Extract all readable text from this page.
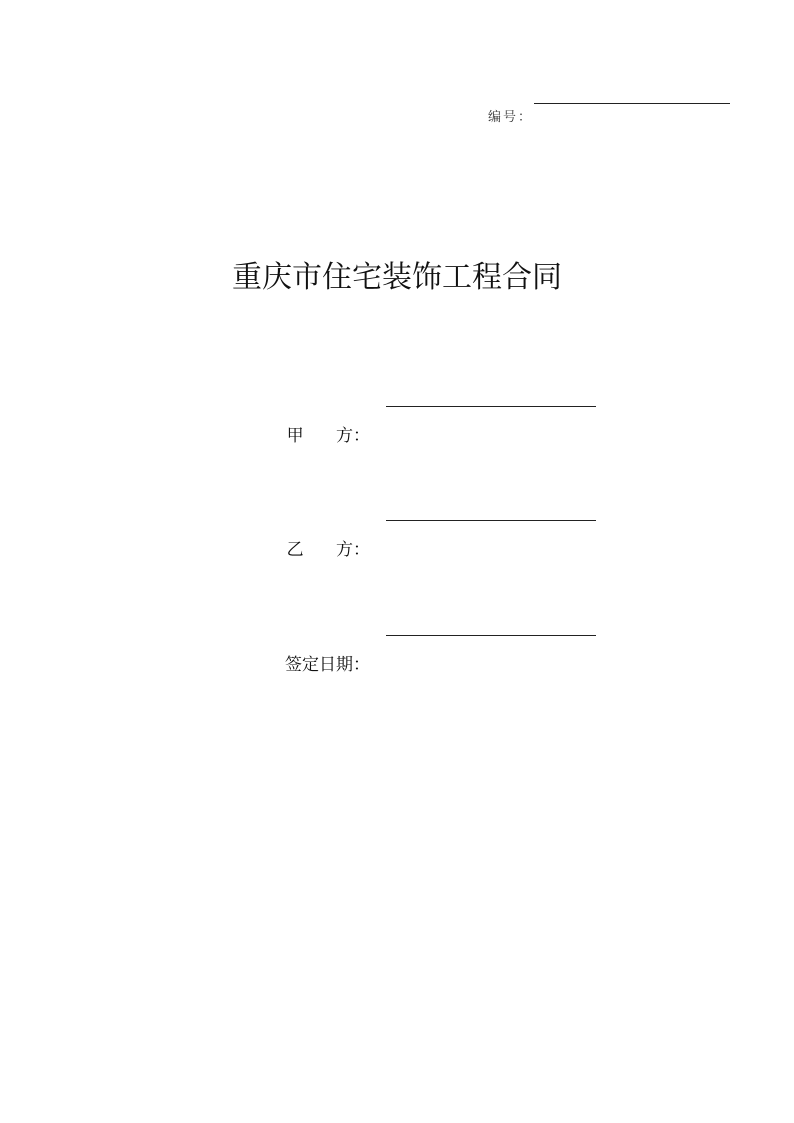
编号：
重庆市住宅装饰工程合同
甲      方：
乙      方：
签定日期：
